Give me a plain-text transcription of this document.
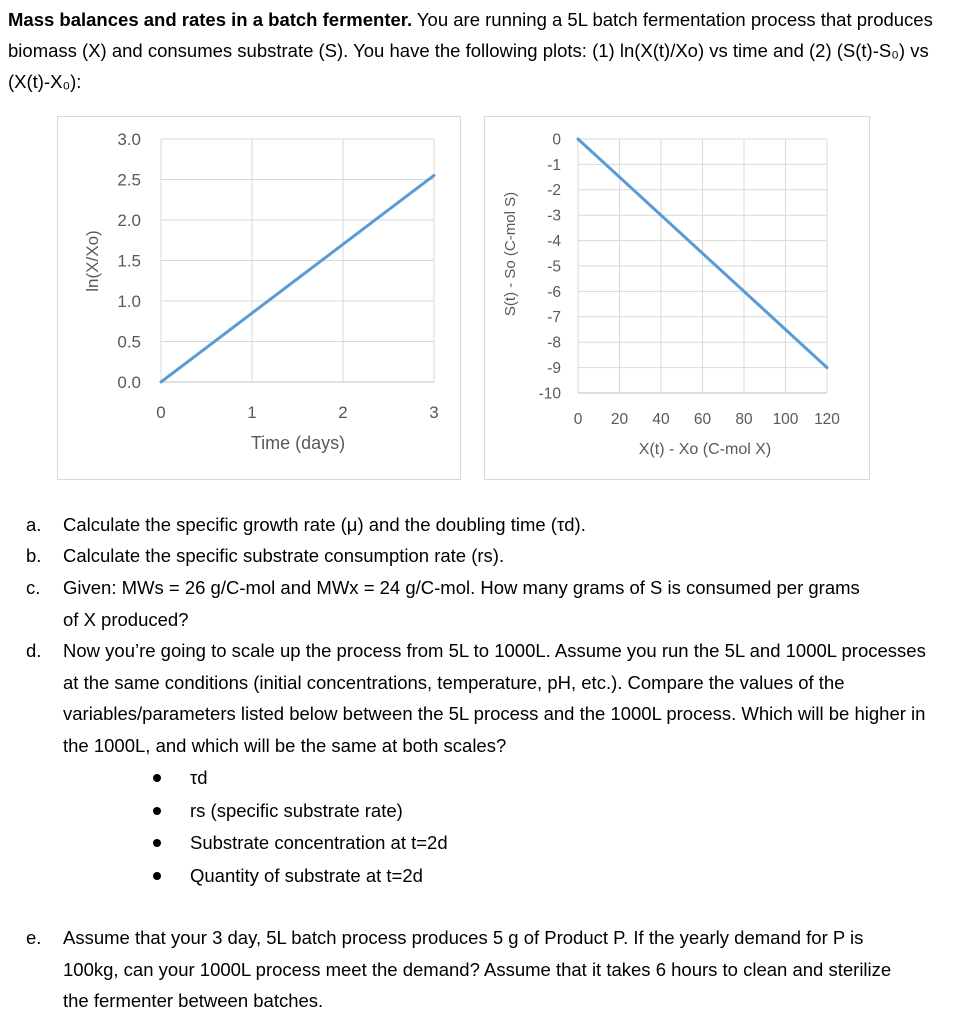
Mass balances and rates in a batch fermenter. You are running a 5L batch fermentation process that produces biomass (X) and consumes substrate (S). You have the following plots: (1) ln(X(t)/Xo) vs time and (2) (S(t)-S₀) vs (X(t)-X₀):
0.0
0.5
1.0
1.5
2.0
2.5
3.0
0	1	2	3
Time (days)
ln(X/Xo)
0
-1
-2
-3
-4
-5
-6
-7
-8
-9
-10
0 20 40 60 80 100 120
X(t) - Xo (C-mol X)
S(t) - So (C-mol S)
a. Calculate the specific growth rate (μ) and the doubling time (τd).
b. Calculate the specific substrate consumption rate (rs).
c. Given: MWs = 26 g/C-mol and MWx = 24 g/C-mol. How many grams of S is consumed per grams of X produced?
d. Now you’re going to scale up the process from 5L to 1000L. Assume you run the 5L and 1000L processes at the same conditions (initial concentrations, temperature, pH, etc.). Compare the values of the variables/parameters listed below between the 5L process and the 1000L process. Which will be higher in the 1000L, and which will be the same at both scales?
τd
rs (specific substrate rate)
Substrate concentration at t=2d
Quantity of substrate at t=2d
e. Assume that your 3 day, 5L batch process produces 5 g of Product P. If the yearly demand for P is 100kg, can your 1000L process meet the demand? Assume that it takes 6 hours to clean and sterilize the fermenter between batches.
